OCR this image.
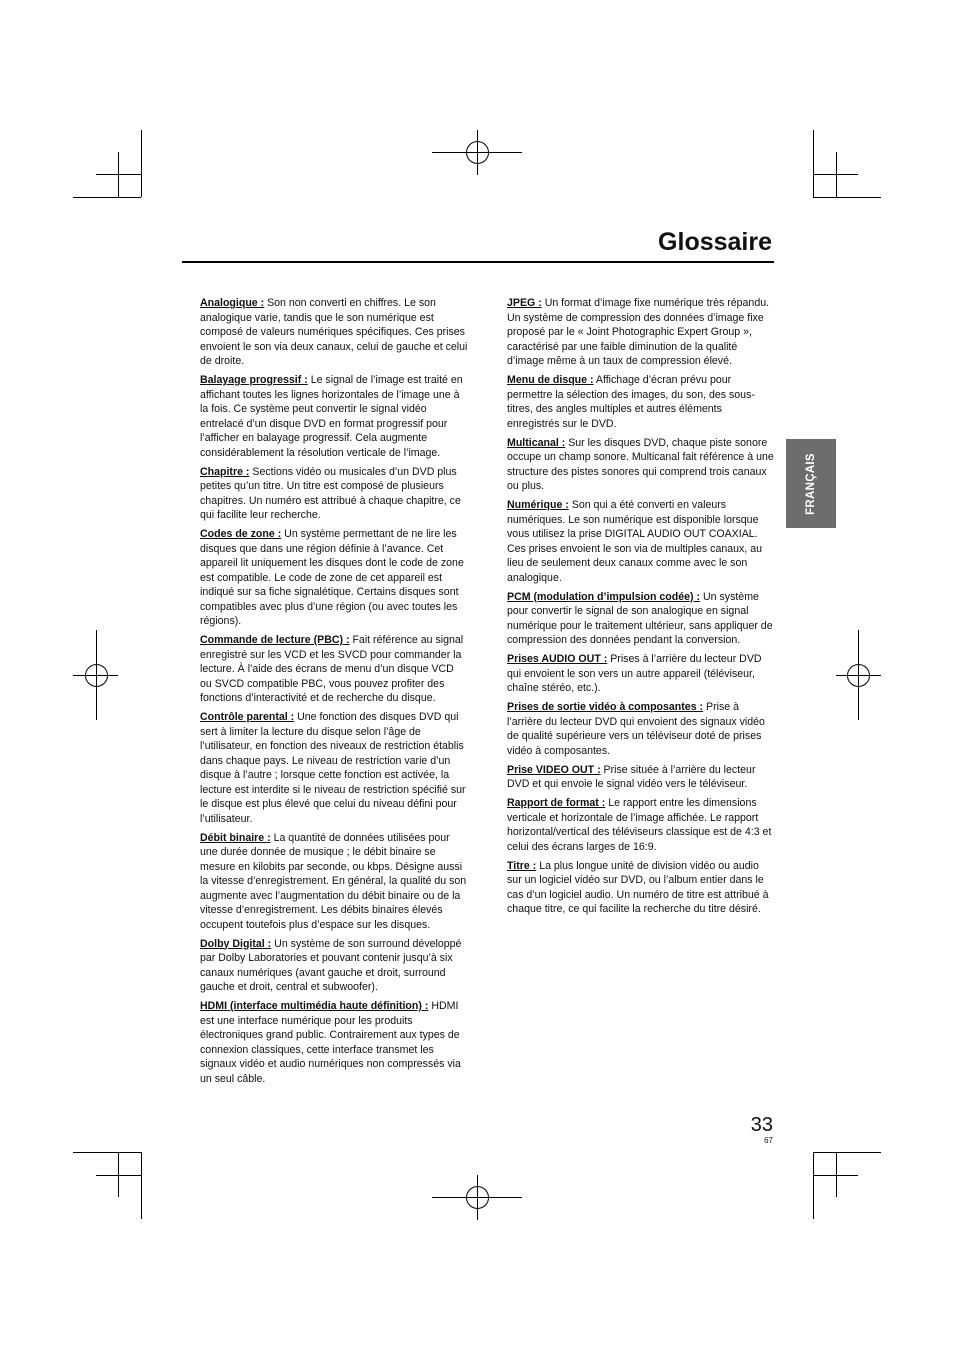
Glossaire
FRANÇAIS

Analogique : Son non converti en chiffres. Le son analogique varie, tandis que le son numérique est composé de valeurs numériques spécifiques. Ces prises envoient le son via deux canaux, celui de gauche et celui de droite.

Balayage progressif : Le signal de l’image est traité en affichant toutes les lignes horizontales de l’image une à la fois. Ce système peut convertir le signal vidéo entrelacé d’un disque DVD en format progressif pour l’afficher en balayage progressif. Cela augmente considérablement la résolution verticale de l’image.

Chapitre : Sections vidéo ou musicales d’un DVD plus petites qu’un titre. Un titre est composé de plusieurs chapitres. Un numéro est attribué à chaque chapitre, ce qui facilite leur recherche.

Codes de zone : Un système permettant de ne lire les disques que dans une région définie à l’avance. Cet appareil lit uniquement les disques dont le code de zone est compatible. Le code de zone de cet appareil est indiqué sur sa fiche signalétique. Certains disques sont compatibles avec plus d’une région (ou avec toutes les régions).

Commande de lecture (PBC) : Fait référence au signal enregistré sur les VCD et les SVCD pour commander la lecture. À l’aide des écrans de menu d’un disque VCD ou SVCD compatible PBC, vous pouvez profiter des fonctions d’interactivité et de recherche du disque.

Contrôle parental : Une fonction des disques DVD qui sert à limiter la lecture du disque selon l’âge de l’utilisateur, en fonction des niveaux de restriction établis dans chaque pays. Le niveau de restriction varie d’un disque à l’autre ; lorsque cette fonction est activée, la lecture est interdite si le niveau de restriction spécifié sur le disque est plus élevé que celui du niveau défini pour l’utilisateur.

Débit binaire : La quantité de données utilisées pour une durée donnée de musique ; le débit binaire se mesure en kilobits par seconde, ou kbps. Désigne aussi la vitesse d’enregistrement. En général, la qualité du son augmente avec l’augmentation du débit binaire ou de la vitesse d’enregistrement. Les débits binaires élevés occupent toutefois plus d’espace sur les disques.

Dolby Digital : Un système de son surround développé par Dolby Laboratories et pouvant contenir jusqu’à six canaux numériques (avant gauche et droit, surround gauche et droit, central et subwoofer).

HDMI (interface multimédia haute définition) : HDMI est une interface numérique pour les produits électroniques grand public. Contrairement aux types de connexion classiques, cette interface transmet les signaux vidéo et audio numériques non compressés via un seul câble.

JPEG : Un format d’image fixe numérique très répandu. Un système de compression des données d’image fixe proposé par le « Joint Photographic Expert Group », caractérisé par une faible diminution de la qualité d’image même à un taux de compression élevé.

Menu de disque : Affichage d’écran prévu pour permettre la sélection des images, du son, des sous-titres, des angles multiples et autres éléments enregistrés sur le DVD.

Multicanal : Sur les disques DVD, chaque piste sonore occupe un champ sonore. Multicanal fait référence à une structure des pistes sonores qui comprend trois canaux ou plus.

Numérique : Son qui a été converti en valeurs numériques. Le son numérique est disponible lorsque vous utilisez la prise DIGITAL AUDIO OUT COAXIAL. Ces prises envoient le son via de multiples canaux, au lieu de seulement deux canaux comme avec le son analogique.

PCM (modulation d’impulsion codée) : Un système pour convertir le signal de son analogique en signal numérique pour le traitement ultérieur, sans appliquer de compression des données pendant la conversion.

Prises AUDIO OUT : Prises à l’arrière du lecteur DVD qui envoient le son vers un autre appareil (téléviseur, chaîne stéréo, etc.).

Prises de sortie vidéo à composantes : Prise à l’arrière du lecteur DVD qui envoient des signaux vidéo de qualité supérieure vers un téléviseur doté de prises vidéo à composantes.

Prise VIDEO OUT : Prise située à l’arrière du lecteur DVD et qui envoie le signal vidéo vers le téléviseur.

Rapport de format : Le rapport entre les dimensions verticale et horizontale de l’image affichée. Le rapport horizontal/vertical des téléviseurs classique est de 4:3 et celui des écrans larges de 16:9.

Titre : La plus longue unité de division vidéo ou audio sur un logiciel vidéo sur DVD, ou l’album entier dans le cas d’un logiciel audio. Un numéro de titre est attribué à chaque titre, ce qui facilite la recherche du titre désiré.

33
67
